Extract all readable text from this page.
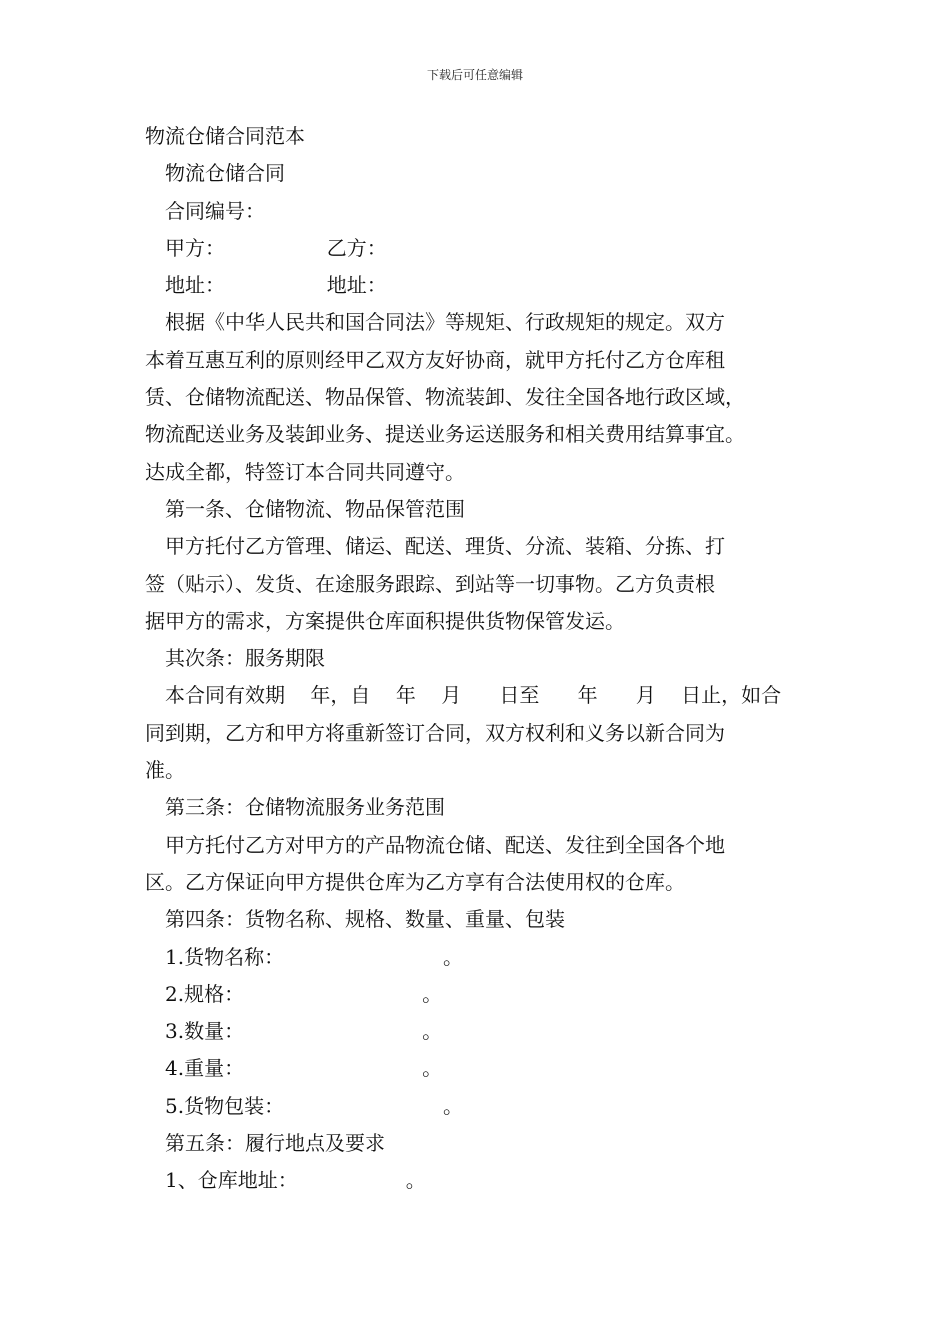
下载后可任意编辑
物流仓储合同范本
物流仓储合同
合同编号：
甲方：                乙方：
地址：                地址：
根据《中华人民共和国合同法》等规矩、行政规矩的规定。双方
本着互惠互利的原则经甲乙双方友好协商，就甲方托付乙方仓库租
赁、仓储物流配送、物品保管、物流装卸、发往全国各地行政区域，
物流配送业务及装卸业务、提送业务运送服务和相关费用结算事宜。
达成全都，特签订本合同共同遵守。
第一条、仓储物流、物品保管范围
甲方托付乙方管理、储运、配送、理货、分流、装箱、分拣、打
签（贴示）、发货、在途服务跟踪、到站等一切事物。乙方负责根
据甲方的需求，方案提供仓库面积提供货物保管发运。
其次条：服务期限
本合同有效期    年，自    年    月      日至      年      月    日止，如合
同到期，乙方和甲方将重新签订合同，双方权利和义务以新合同为
准。
第三条：仓储物流服务业务范围
甲方托付乙方对甲方的产品物流仓储、配送、发往到全国各个地
区。乙方保证向甲方提供仓库为乙方享有合法使用权的仓库。
第四条：货物名称、规格、数量、重量、包装
1.货物名称：                         。
2.规格：                            。
3.数量：                            。
4.重量：                            。
5.货物包装：                         。
第五条：履行地点及要求
1、仓库地址：                 。
